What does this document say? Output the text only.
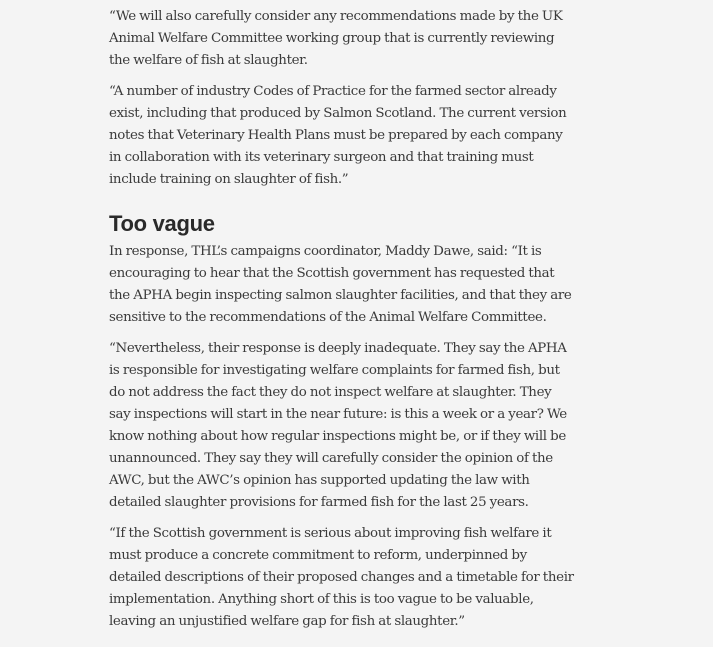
“We will also carefully consider any recommendations made by the UK Animal Welfare Committee working group that is currently reviewing the welfare of fish at slaughter.

“A number of industry Codes of Practice for the farmed sector already exist, including that produced by Salmon Scotland. The current version notes that Veterinary Health Plans must be prepared by each company in collaboration with its veterinary surgeon and that training must include training on slaughter of fish.”

Too vague

In response, THL’s campaigns coordinator, Maddy Dawe, said: “It is encouraging to hear that the Scottish government has requested that the APHA begin inspecting salmon slaughter facilities, and that they are sensitive to the recommendations of the Animal Welfare Committee.

“Nevertheless, their response is deeply inadequate. They say the APHA is responsible for investigating welfare complaints for farmed fish, but do not address the fact they do not inspect welfare at slaughter. They say inspections will start in the near future: is this a week or a year? We know nothing about how regular inspections might be, or if they will be unannounced. They say they will carefully consider the opinion of the AWC, but the AWC’s opinion has supported updating the law with detailed slaughter provisions for farmed fish for the last 25 years.

“If the Scottish government is serious about improving fish welfare it must produce a concrete commitment to reform, underpinned by detailed descriptions of their proposed changes and a timetable for their implementation. Anything short of this is too vague to be valuable, leaving an unjustified welfare gap for fish at slaughter.”
